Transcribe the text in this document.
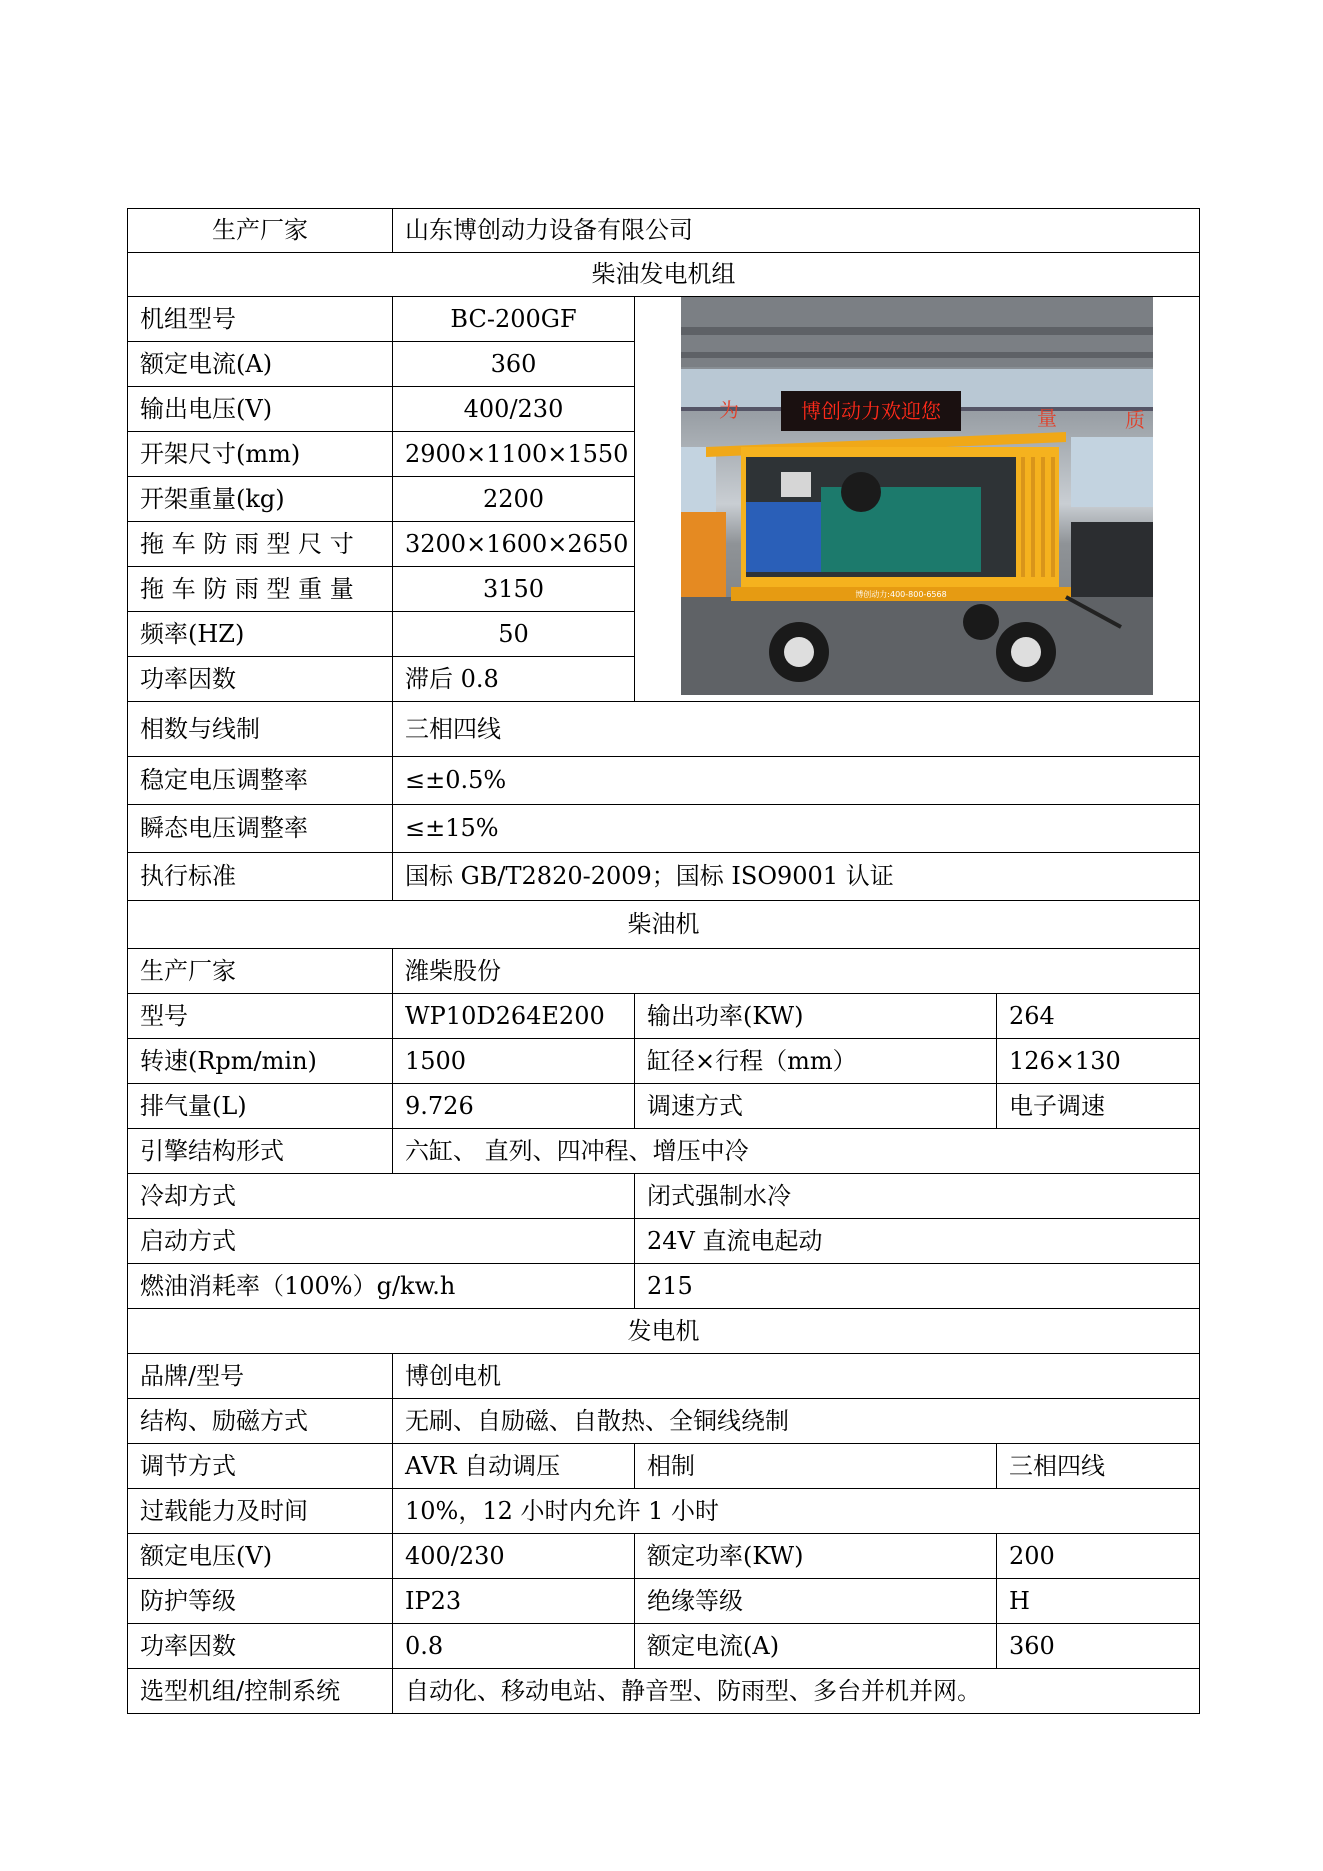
生产厂家	山东博创动力设备有限公司		
柴油发电机组			
机组型号	BC-200GF	博创动力欢迎您
为 量 质
博创动力:400-800-6568	

额定电流(A)	360		
输出电压(V)	400/230		
开架尺寸(mm)	2900×1100×1550		
开架重量(kg)	2200		
拖 车 防 雨 型 尺 寸	3200×1600×2650		
拖 车 防 雨 型 重 量	3150		
频率(HZ)	50		
功率因数	滞后 0.8		
相数与线制	三相四线		
稳定电压调整率	≤±0.5%		
瞬态电压调整率	≤±15%		
执行标准	国标 GB/T2820-2009；国标 ISO9001 认证		
柴油机			
生产厂家	潍柴股份		
型号	WP10D264E200	输出功率(KW)	264
转速(Rpm/min)	1500	缸径×行程（mm）	126×130
排气量(L)	9.726	调速方式	电子调速
引擎结构形式	六缸、 直列、四冲程、增压中冷		
冷却方式		闭式强制水冷	
启动方式		24V 直流电起动	
燃油消耗率（100%）g/kw.h		215	
发电机			
品牌/型号	博创电机		
结构、励磁方式	无刷、自励磁、自散热、全铜线绕制		
调节方式	AVR 自动调压	相制	三相四线
过载能力及时间	10%，12 小时内允许 1 小时		
额定电压(V)	400/230	额定功率(KW)	200
防护等级	IP23	绝缘等级	H
功率因数	0.8	额定电流(A)	360
选型机组/控制系统	自动化、移动电站、静音型、防雨型、多台并机并网。		
